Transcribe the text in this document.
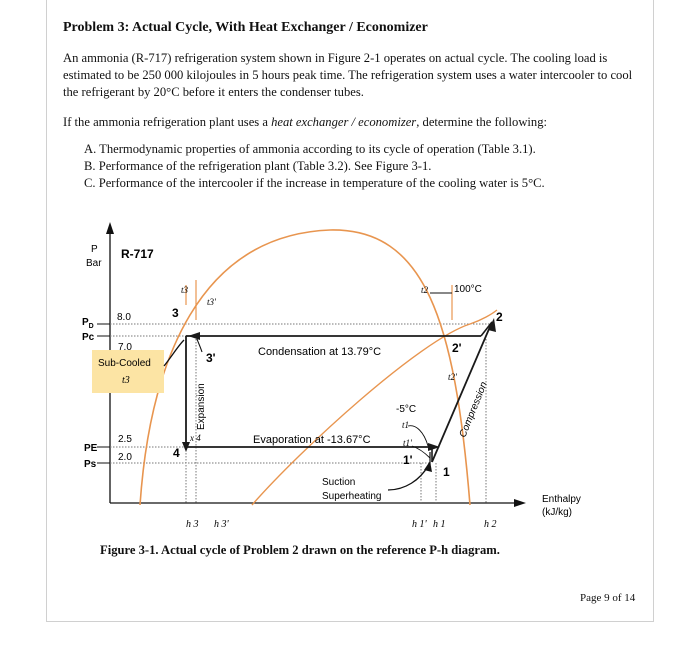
Problem 3: Actual Cycle, With Heat Exchanger / Economizer
An ammonia (R-717) refrigeration system shown in Figure 2-1 operates on actual cycle. The cooling load is estimated to be 250 000 kilojoules in 5 hours peak time. The refrigeration system uses a water intercooler to cool the refrigerant by 20°C before it enters the condenser tubes.
If the ammonia refrigeration plant uses a heat exchanger / economizer, determine the following:
A. Thermodynamic properties of ammonia according to its cycle of operation (Table 3.1).
B. Performance of the refrigeration plant (Table 3.2). See Figure 3-1.
C. Performance of the intercooler if the increase in temperature of the cooling water is 5°C.
P
Bar
R-717
$P_D$
Pc
PE
Ps
8.0
7.0
2.5
2.0
Sub-Cooled
t3
3
3'
4
2
2'
1
1'
t3
t3'
t2	100°C
t2'
-5°C
t1
t1'
x 4
Condensation at 13.79°C
Evaporation at -13.67°C
Expansion	Compression
Suction
Superheating
h 3 h 3'	h 1' h 1	h 2
Enthalpy
(kJ/kg)
Figure 3-1. Actual cycle of Problem 2 drawn on the reference P-h diagram.
Page 9 of 14
